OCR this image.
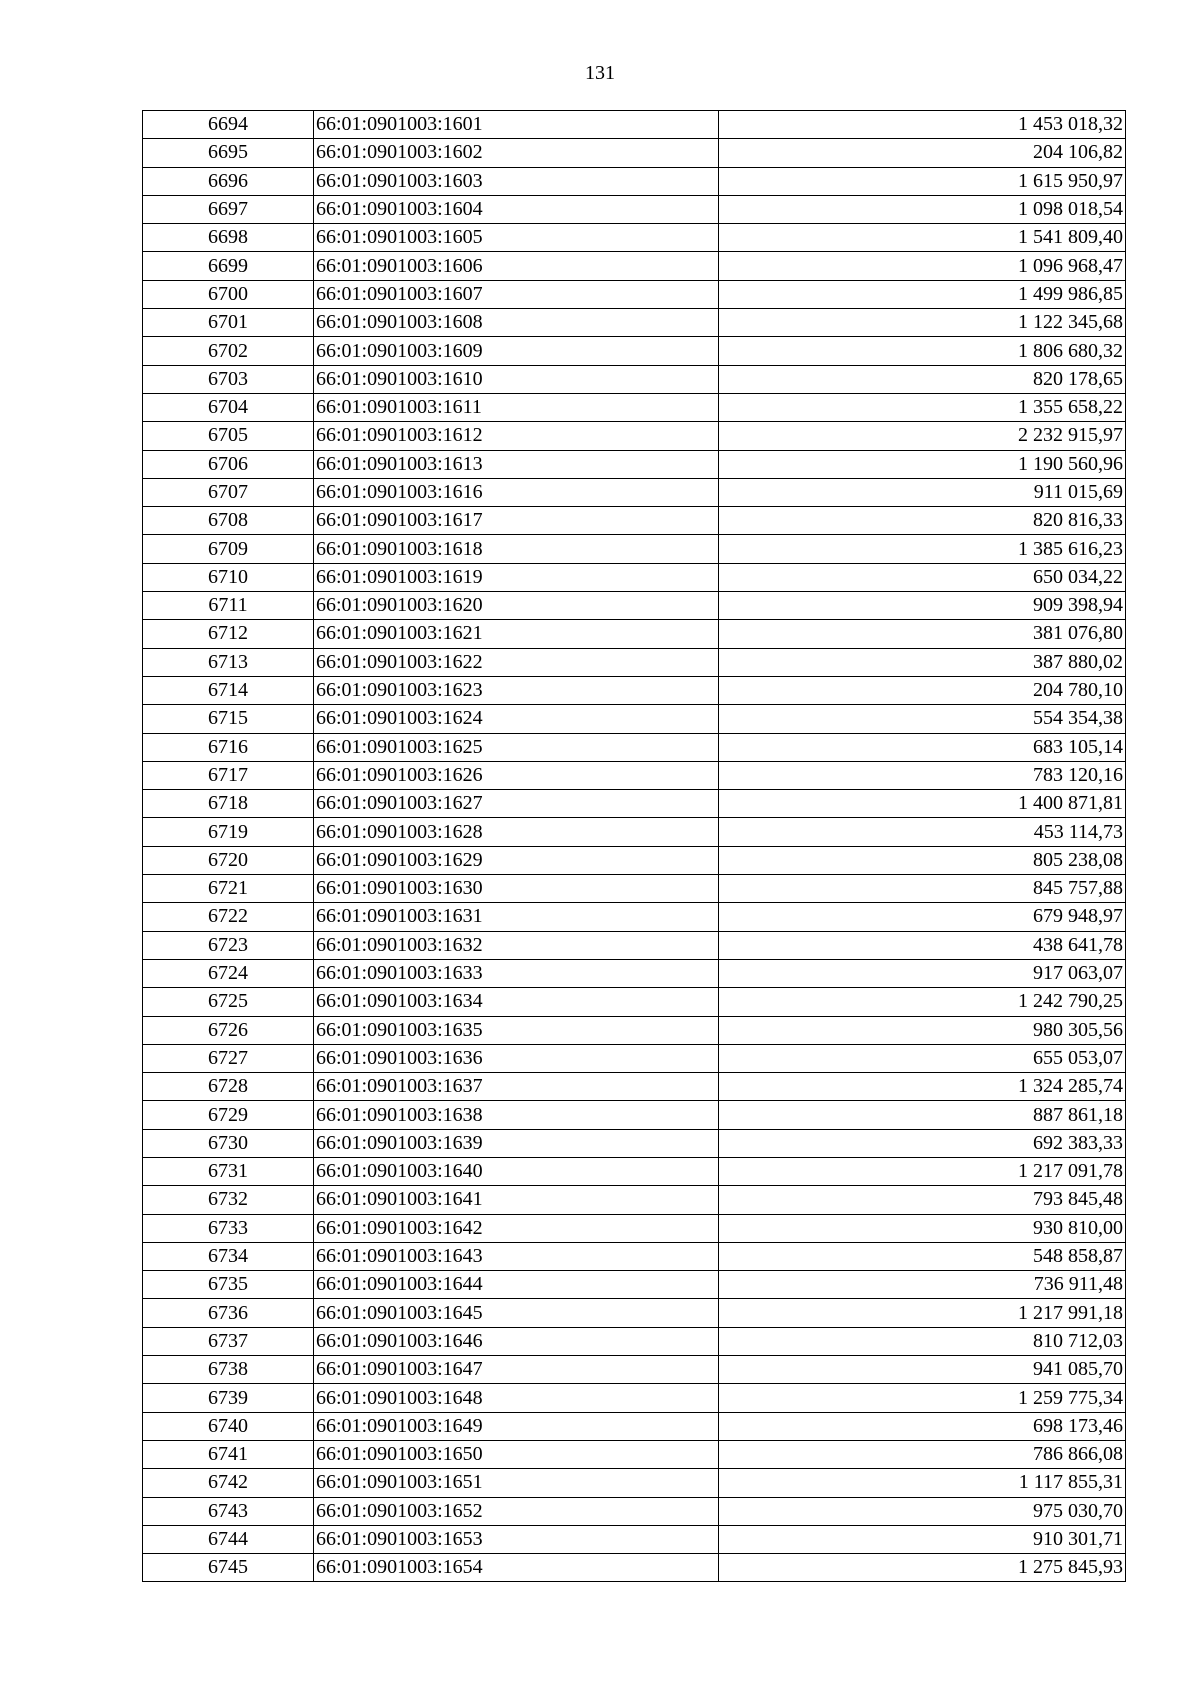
131
6694	66:01:0901003:1601	1 453 018,32
6695	66:01:0901003:1602	204 106,82
6696	66:01:0901003:1603	1 615 950,97
6697	66:01:0901003:1604	1 098 018,54
6698	66:01:0901003:1605	1 541 809,40
6699	66:01:0901003:1606	1 096 968,47
6700	66:01:0901003:1607	1 499 986,85
6701	66:01:0901003:1608	1 122 345,68
6702	66:01:0901003:1609	1 806 680,32
6703	66:01:0901003:1610	820 178,65
6704	66:01:0901003:1611	1 355 658,22
6705	66:01:0901003:1612	2 232 915,97
6706	66:01:0901003:1613	1 190 560,96
6707	66:01:0901003:1616	911 015,69
6708	66:01:0901003:1617	820 816,33
6709	66:01:0901003:1618	1 385 616,23
6710	66:01:0901003:1619	650 034,22
6711	66:01:0901003:1620	909 398,94
6712	66:01:0901003:1621	381 076,80
6713	66:01:0901003:1622	387 880,02
6714	66:01:0901003:1623	204 780,10
6715	66:01:0901003:1624	554 354,38
6716	66:01:0901003:1625	683 105,14
6717	66:01:0901003:1626	783 120,16
6718	66:01:0901003:1627	1 400 871,81
6719	66:01:0901003:1628	453 114,73
6720	66:01:0901003:1629	805 238,08
6721	66:01:0901003:1630	845 757,88
6722	66:01:0901003:1631	679 948,97
6723	66:01:0901003:1632	438 641,78
6724	66:01:0901003:1633	917 063,07
6725	66:01:0901003:1634	1 242 790,25
6726	66:01:0901003:1635	980 305,56
6727	66:01:0901003:1636	655 053,07
6728	66:01:0901003:1637	1 324 285,74
6729	66:01:0901003:1638	887 861,18
6730	66:01:0901003:1639	692 383,33
6731	66:01:0901003:1640	1 217 091,78
6732	66:01:0901003:1641	793 845,48
6733	66:01:0901003:1642	930 810,00
6734	66:01:0901003:1643	548 858,87
6735	66:01:0901003:1644	736 911,48
6736	66:01:0901003:1645	1 217 991,18
6737	66:01:0901003:1646	810 712,03
6738	66:01:0901003:1647	941 085,70
6739	66:01:0901003:1648	1 259 775,34
6740	66:01:0901003:1649	698 173,46
6741	66:01:0901003:1650	786 866,08
6742	66:01:0901003:1651	1 117 855,31
6743	66:01:0901003:1652	975 030,70
6744	66:01:0901003:1653	910 301,71
6745	66:01:0901003:1654	1 275 845,93
